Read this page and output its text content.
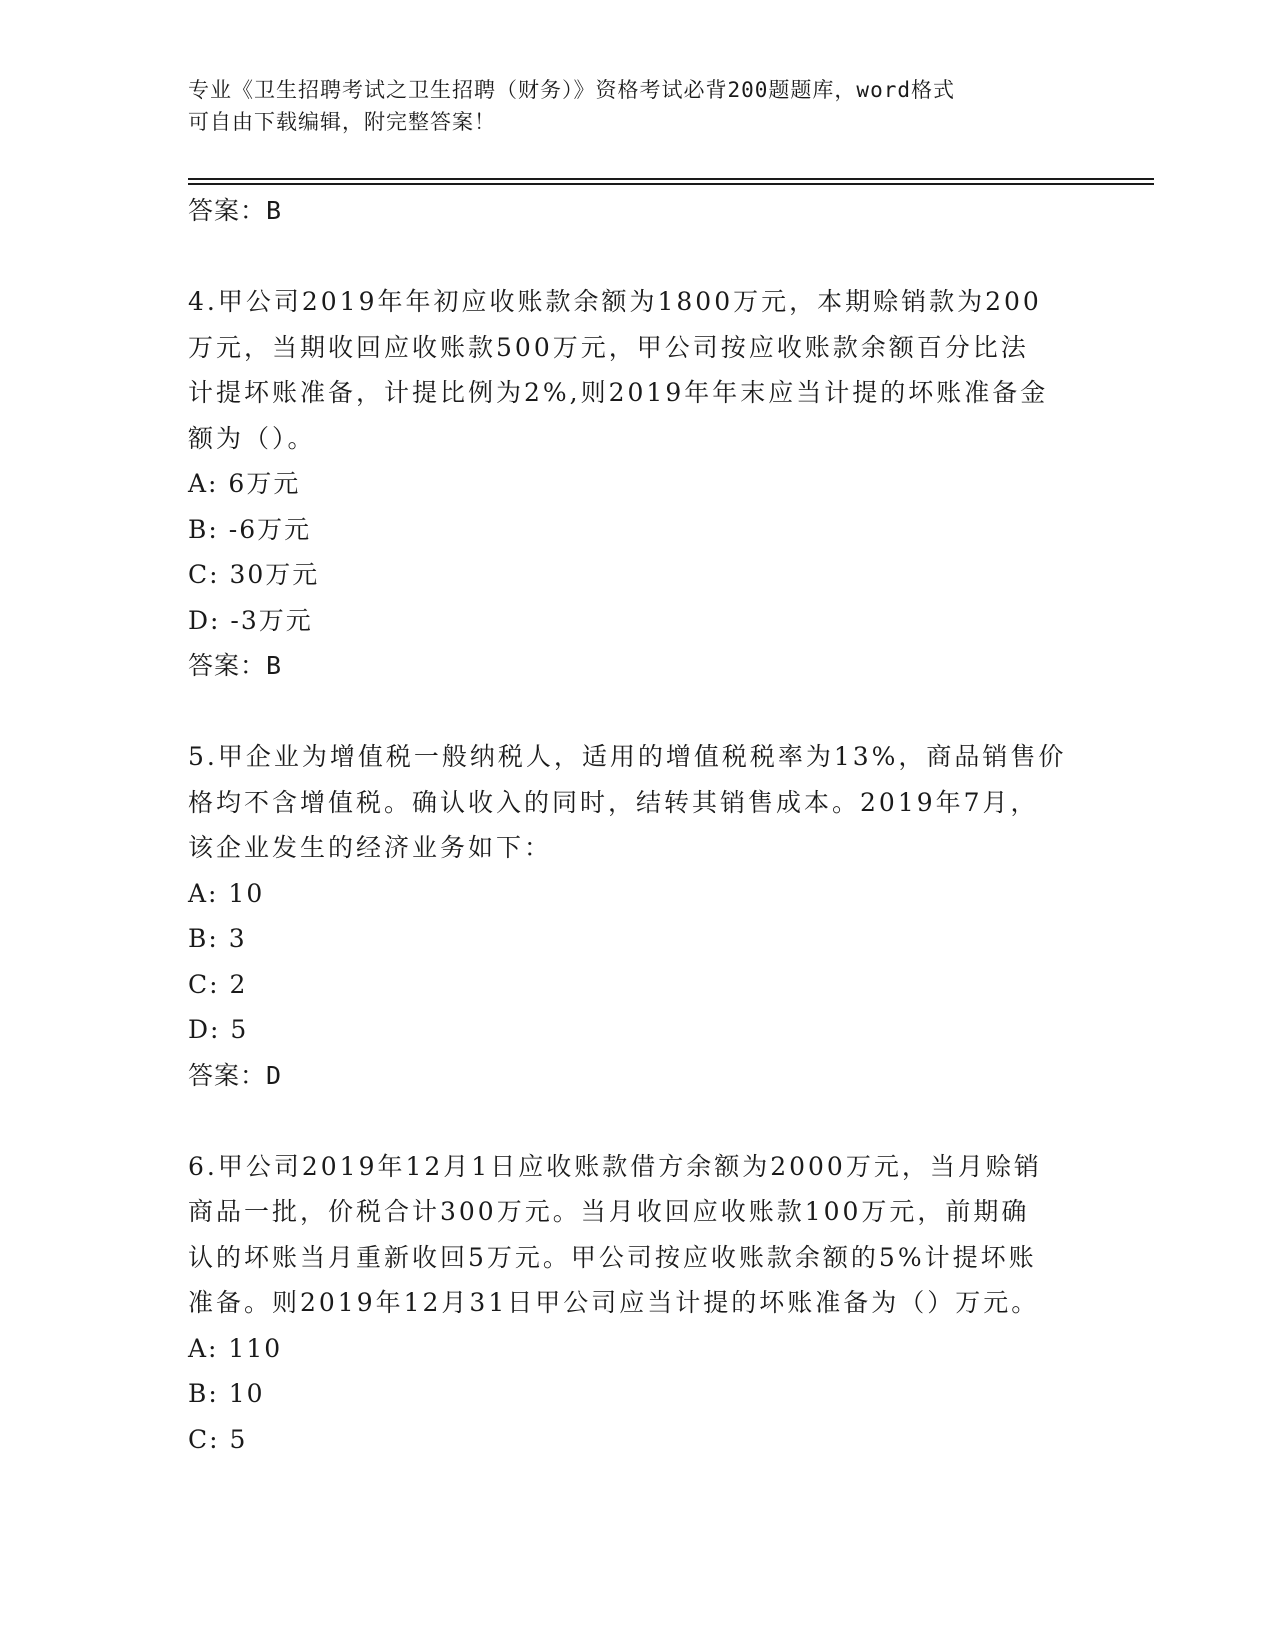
专业《卫生招聘考试之卫生招聘（财务）》资格考试必背200题题库，word格式
可自由下载编辑，附完整答案！
答案：B
4.甲公司2019年年初应收账款余额为1800万元，本期赊销款为200
万元，当期收回应收账款500万元，甲公司按应收账款余额百分比法
计提坏账准备，计提比例为2%,则2019年年末应当计提的坏账准备金
额为（）。
A: 6万元
B: -6万元
C: 30万元
D: -3万元
答案：B
5.甲企业为增值税一般纳税人，适用的增值税税率为13%，商品销售价
格均不含增值税。确认收入的同时，结转其销售成本。2019年7月，
该企业发生的经济业务如下：
A: 10
B: 3
C: 2
D: 5
答案：D
6.甲公司2019年12月1日应收账款借方余额为2000万元，当月赊销
商品一批，价税合计300万元。当月收回应收账款100万元，前期确
认的坏账当月重新收回5万元。甲公司按应收账款余额的5%计提坏账
准备。则2019年12月31日甲公司应当计提的坏账准备为（）万元。
A: 110
B: 10
C: 5
